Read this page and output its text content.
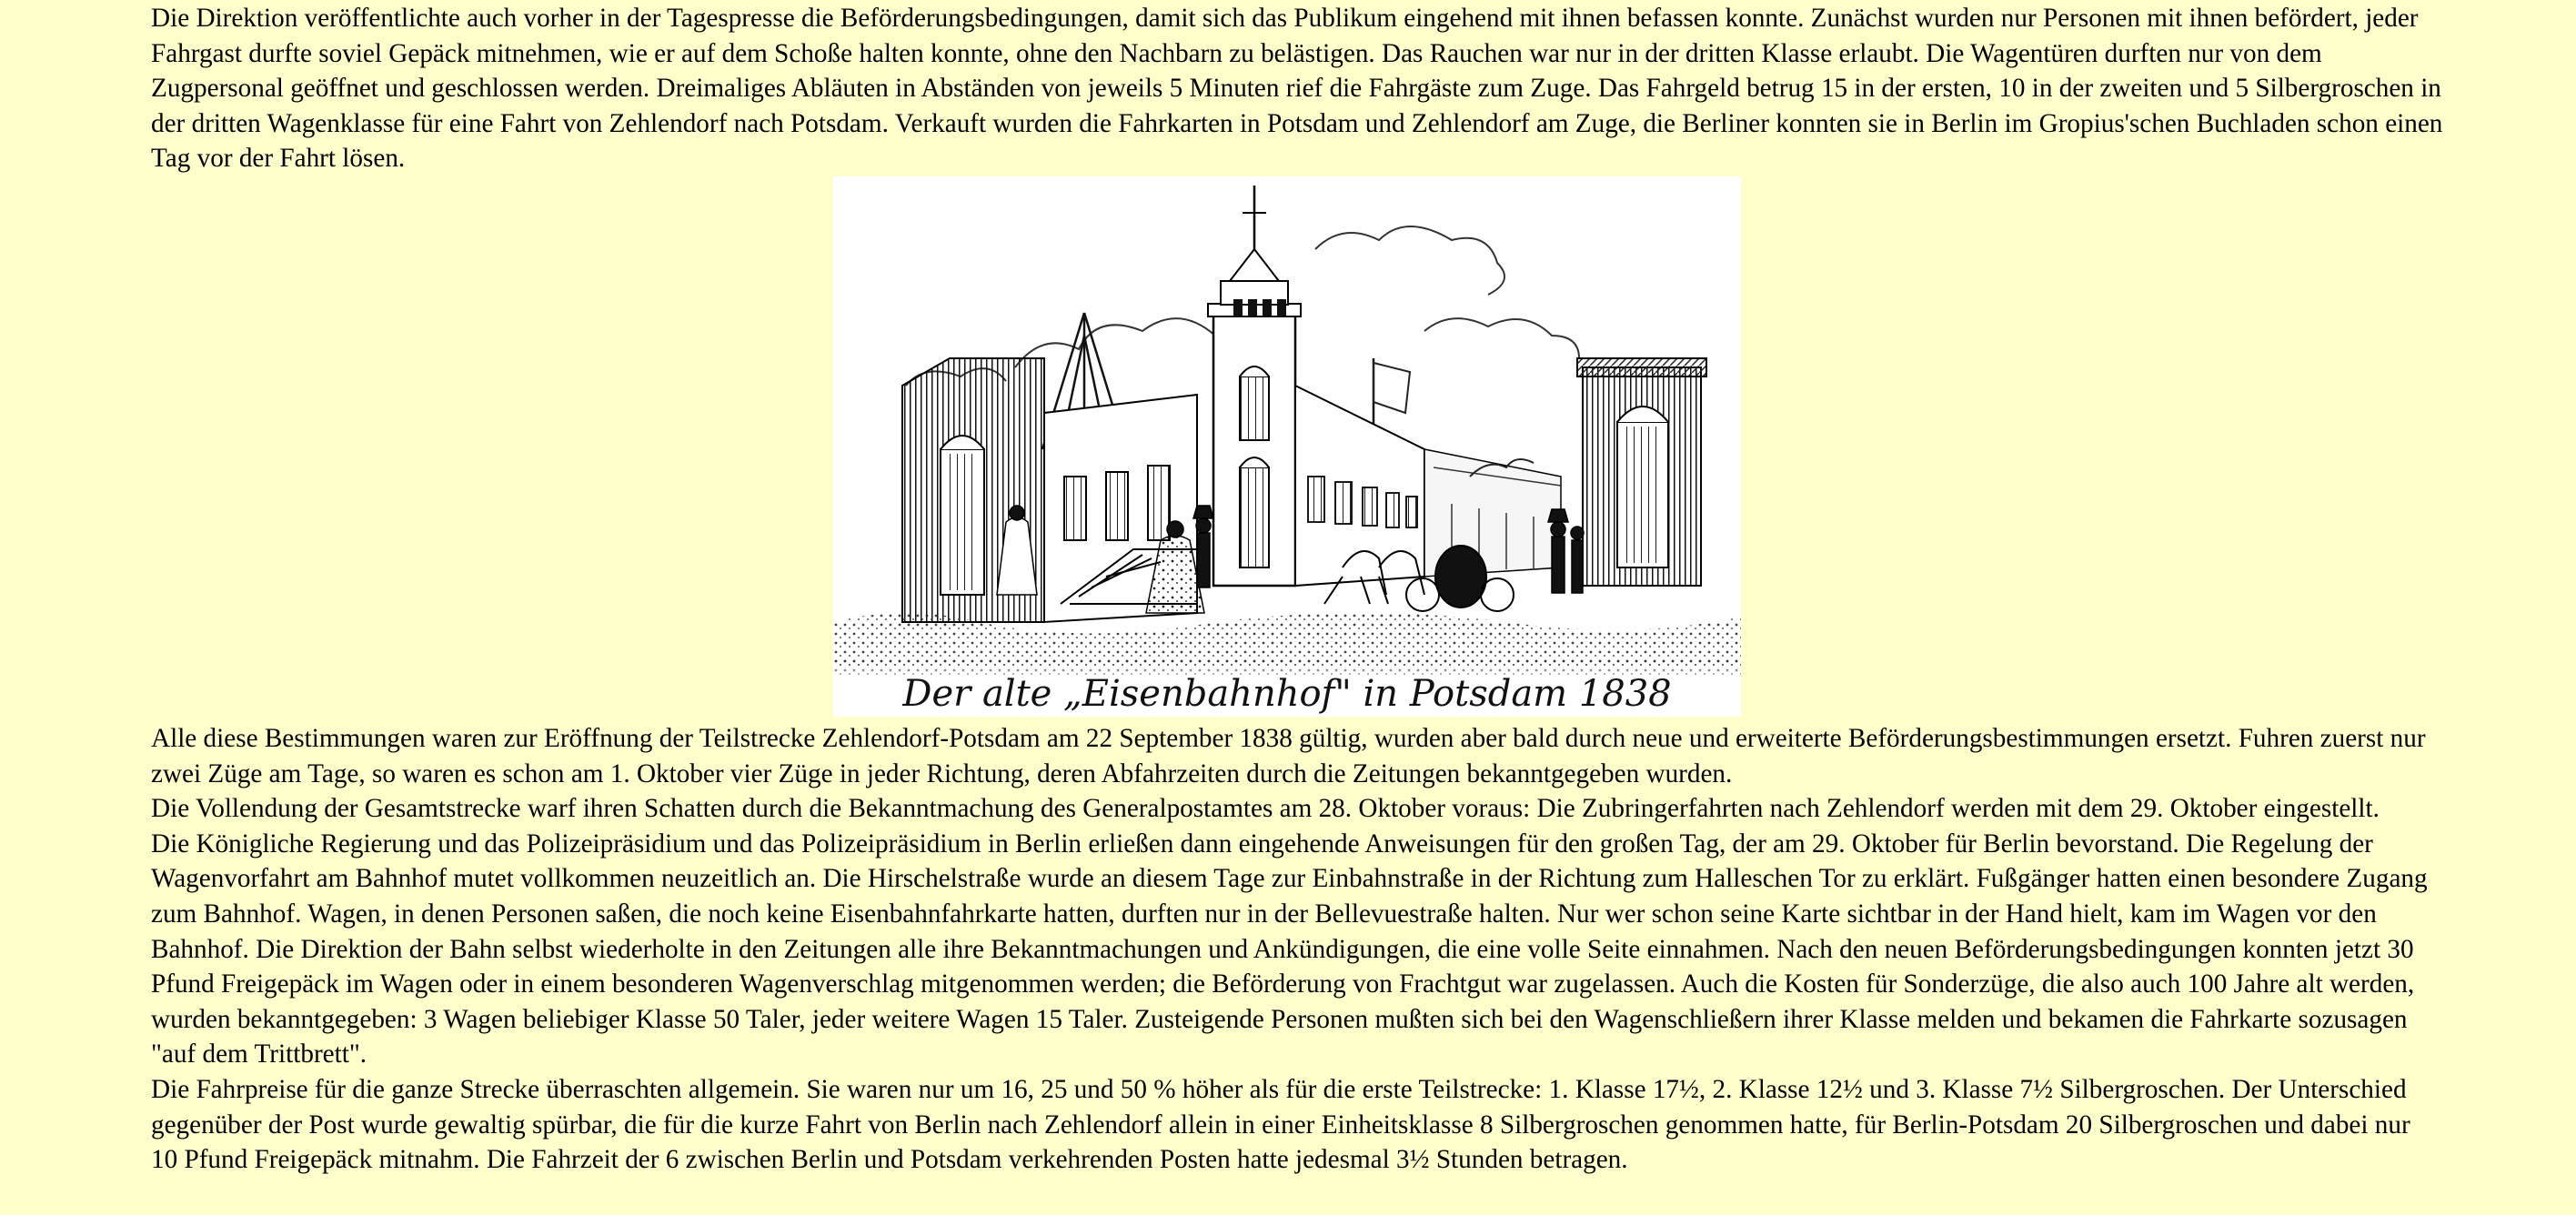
Die Direktion veröffentlichte auch vorher in der Tagespresse die Beförderungsbedingungen, damit sich das Publikum eingehend mit ihnen befassen konnte. Zunächst wurden nur Personen mit ihnen befördert, jeder Fahrgast durfte soviel Gepäck mitnehmen, wie er auf dem Schoße halten konnte, ohne den Nachbarn zu belästigen. Das Rauchen war nur in der dritten Klasse erlaubt. Die Wagentüren durften nur von dem Zugpersonal geöffnet und geschlossen werden. Dreimaliges Abläuten in Abständen von jeweils 5 Minuten rief die Fahrgäste zum Zuge. Das Fahrgeld betrug 15 in der ersten, 10 in der zweiten und 5 Silbergroschen in der dritten Wagenklasse für eine Fahrt von Zehlendorf nach Potsdam. Verkauft wurden die Fahrkarten in Potsdam und Zehlendorf am Zuge, die Berliner konnten sie in Berlin im Gropius'schen Buchladen schon einen Tag vor der Fahrt lösen.

Der alte „Eisenbahnhof" in Potsdam 1838

Alle diese Bestimmungen waren zur Eröffnung der Teilstrecke Zehlendorf-Potsdam am 22 September 1838 gültig, wurden aber bald durch neue und erweiterte Beförderungsbestimmungen ersetzt. Fuhren zuerst nur zwei Züge am Tage, so waren es schon am 1. Oktober vier Züge in jeder Richtung, deren Abfahrzeiten durch die Zeitungen bekanntgegeben wurden.

Die Vollendung der Gesamtstrecke warf ihren Schatten durch die Bekanntmachung des Generalpostamtes am 28. Oktober voraus: Die Zubringerfahrten nach Zehlendorf werden mit dem 29. Oktober eingestellt.

Die Königliche Regierung und das Polizeipräsidium und das Polizeipräsidium in Berlin erließen dann eingehende Anweisungen für den großen Tag, der am 29. Oktober für Berlin bevorstand. Die Regelung der Wagenvorfahrt am Bahnhof mutet vollkommen neuzeitlich an. Die Hirschelstraße wurde an diesem Tage zur Einbahnstraße in der Richtung zum Halleschen Tor zu erklärt. Fußgänger hatten einen besondere Zugang zum Bahnhof. Wagen, in denen Personen saßen, die noch keine Eisenbahnfahrkarte hatten, durften nur in der Bellevuestraße halten. Nur wer schon seine Karte sichtbar in der Hand hielt, kam im Wagen vor den Bahnhof. Die Direktion der Bahn selbst wiederholte in den Zeitungen alle ihre Bekanntmachungen und Ankündigungen, die eine volle Seite einnahmen. Nach den neuen Beförderungsbedingungen konnten jetzt 30 Pfund Freigepäck im Wagen oder in einem besonderen Wagenverschlag mitgenommen werden; die Beförderung von Frachtgut war zugelassen. Auch die Kosten für Sonderzüge, die also auch 100 Jahre alt werden, wurden bekanntgegeben: 3 Wagen beliebiger Klasse 50 Taler, jeder weitere Wagen 15 Taler. Zusteigende Personen mußten sich bei den Wagenschließern ihrer Klasse melden und bekamen die Fahrkarte sozusagen "auf dem Trittbrett".

Die Fahrpreise für die ganze Strecke überraschten allgemein. Sie waren nur um 16, 25 und 50 % höher als für die erste Teilstrecke: 1. Klasse 17½, 2. Klasse 12½ und 3. Klasse 7½ Silbergroschen. Der Unterschied gegenüber der Post wurde gewaltig spürbar, die für die kurze Fahrt von Berlin nach Zehlendorf allein in einer Einheitsklasse 8 Silbergroschen genommen hatte, für Berlin-Potsdam 20 Silbergroschen und dabei nur 10 Pfund Freigepäck mitnahm. Die Fahrzeit der 6 zwischen Berlin und Potsdam verkehrenden Posten hatte jedesmal 3½ Stunden betragen.
